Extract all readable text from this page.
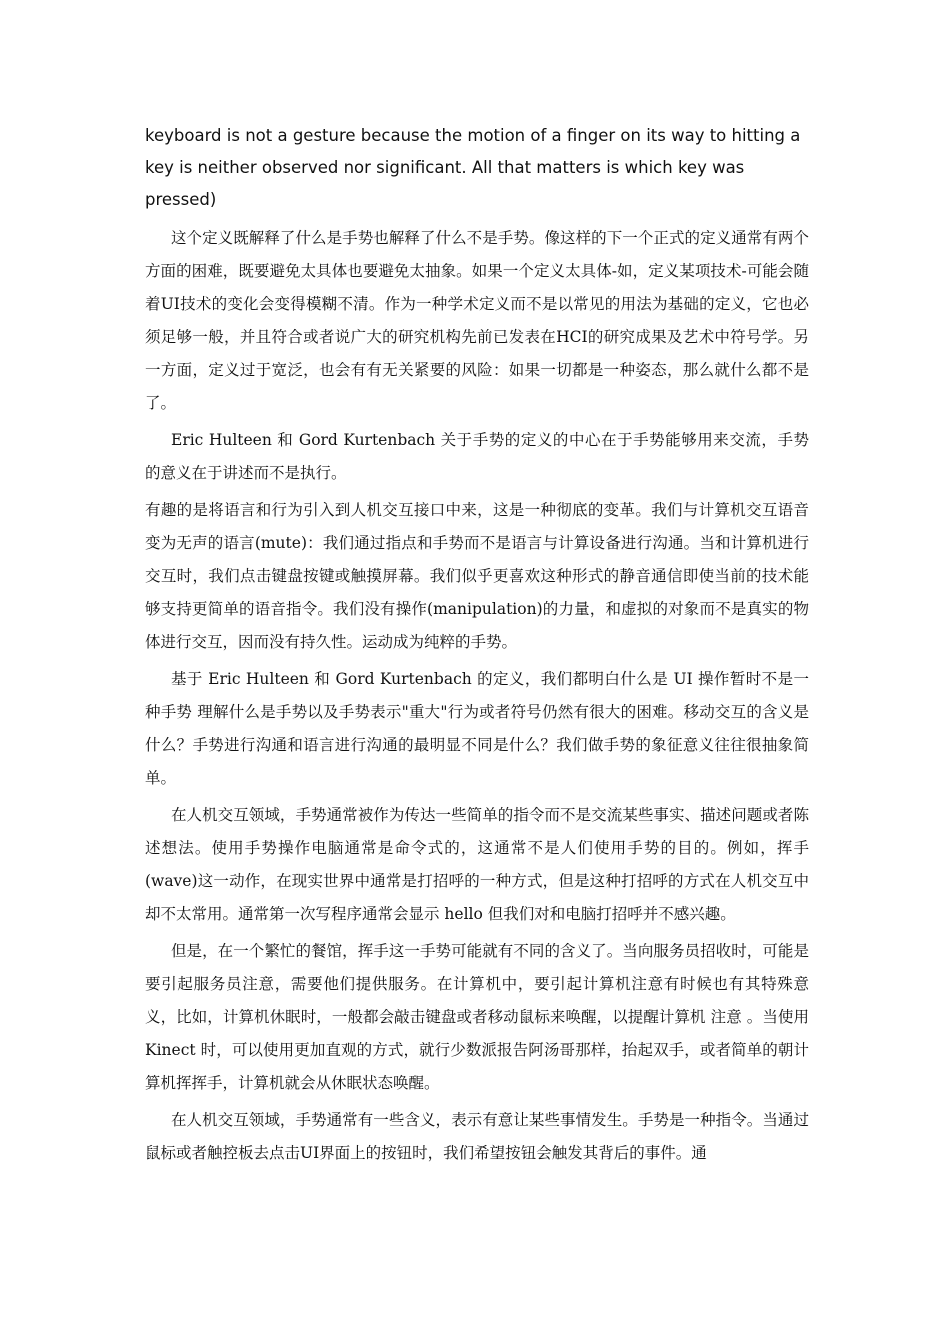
keyboard is not a gesture because the motion of a finger on its way to hitting a key is neither observed nor significant. All that matters is which key was pressed)

这个定义既解释了什么是手势也解释了什么不是手势。像这样的下一个正式的定义通常有两个方面的困难，既要避免太具体也要避免太抽象。如果一个定义太具体-如，定义某项技术-可能会随着UI技术的变化会变得模糊不清。作为一种学术定义而不是以常见的用法为基础的定义，它也必须足够一般，并且符合或者说广大的研究机构先前已发表在HCI的研究成果及艺术中符号学。另一方面，定义过于宽泛，也会有有无关紧要的风险：如果一切都是一种姿态，那么就什么都不是了。

Eric Hulteen 和 Gord Kurtenbach 关于手势的定义的中心在于手势能够用来交流，手势的意义在于讲述而不是执行。

有趣的是将语言和行为引入到人机交互接口中来，这是一种彻底的变革。我们与计算机交互语音变为无声的语言(mute)：我们通过指点和手势而不是语言与计算设备进行沟通。当和计算机进行交互时，我们点击键盘按键或触摸屏幕。我们似乎更喜欢这种形式的静音通信即使当前的技术能够支持更简单的语音指令。我们没有操作(manipulation)的力量，和虚拟的对象而不是真实的物体进行交互，因而没有持久性。运动成为纯粹的手势。

基于 Eric Hulteen 和 Gord Kurtenbach 的定义，我们都明白什么是 UI 操作暂时不是一种手势 理解什么是手势以及手势表示"重大"行为或者符号仍然有很大的困难。移动交互的含义是什么？手势进行沟通和语言进行沟通的最明显不同是什么？我们做手势的象征意义往往很抽象简单。

在人机交互领域，手势通常被作为传达一些简单的指令而不是交流某些事实、描述问题或者陈述想法。使用手势操作电脑通常是命令式的，这通常不是人们使用手势的目的。例如，挥手(wave)这一动作，在现实世界中通常是打招呼的一种方式，但是这种打招呼的方式在人机交互中却不太常用。通常第一次写程序通常会显示 hello 但我们对和电脑打招呼并不感兴趣。

但是，在一个繁忙的餐馆，挥手这一手势可能就有不同的含义了。当向服务员招收时，可能是要引起服务员注意，需要他们提供服务。在计算机中，要引起计算机注意有时候也有其特殊意义，比如，计算机休眠时，一般都会敲击键盘或者移动鼠标来唤醒，以提醒计算机 注意 。当使用 Kinect 时，可以使用更加直观的方式，就行少数派报告阿汤哥那样，抬起双手，或者简单的朝计算机挥挥手，计算机就会从休眠状态唤醒。

在人机交互领域，手势通常有一些含义，表示有意让某些事情发生。手势是一种指令。当通过鼠标或者触控板去点击UI界面上的按钮时，我们希望按钮会触发其背后的事件。通
